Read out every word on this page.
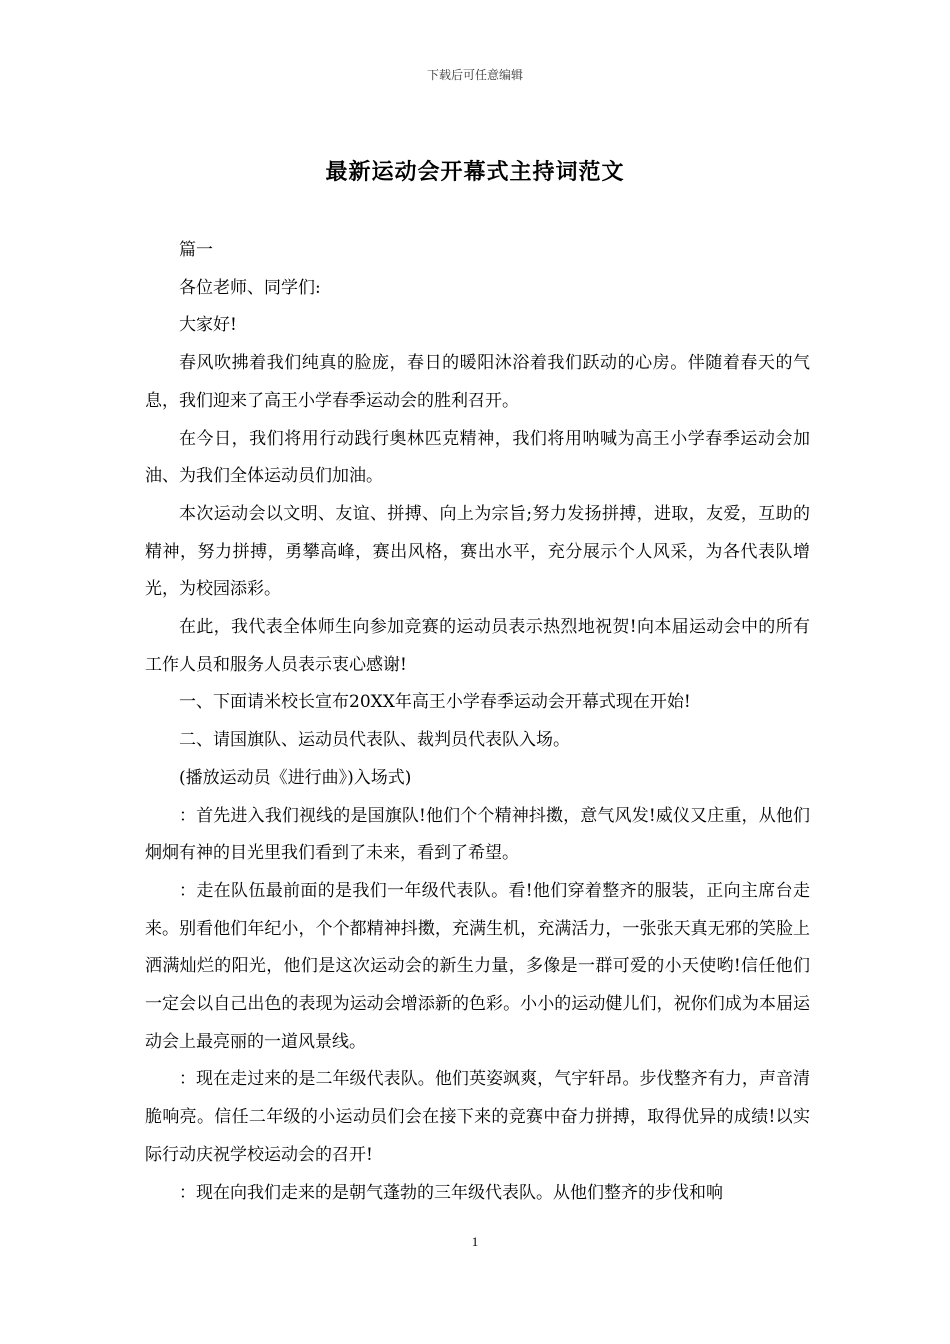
下载后可任意编辑
最新运动会开幕式主持词范文

篇一

各位老师、同学们:

大家好!

春风吹拂着我们纯真的脸庞，春日的暖阳沐浴着我们跃动的心房。伴随着春天的气息，我们迎来了高王小学春季运动会的胜利召开。

在今日，我们将用行动践行奥林匹克精神，我们将用呐喊为高王小学春季运动会加油、为我们全体运动员们加油。

本次运动会以文明、友谊、拼搏、向上为宗旨;努力发扬拼搏，进取，友爱，互助的精神，努力拼搏，勇攀高峰，赛出风格，赛出水平，充分展示个人风采，为各代表队增光，为校园添彩。

在此，我代表全体师生向参加竞赛的运动员表示热烈地祝贺!向本届运动会中的所有工作人员和服务人员表示衷心感谢!

一、下面请米校长宣布20XX年高王小学春季运动会开幕式现在开始!

二、请国旗队、运动员代表队、裁判员代表队入场。

(播放运动员《进行曲》)入场式)

：首先进入我们视线的是国旗队!他们个个精神抖擞，意气风发!威仪又庄重，从他们炯炯有神的目光里我们看到了未来，看到了希望。

：走在队伍最前面的是我们一年级代表队。看!他们穿着整齐的服装，正向主席台走来。别看他们年纪小，个个都精神抖擞，充满生机，充满活力，一张张天真无邪的笑脸上洒满灿烂的阳光，他们是这次运动会的新生力量，多像是一群可爱的小天使哟!信任他们一定会以自己出色的表现为运动会增添新的色彩。小小的运动健儿们，祝你们成为本届运动会上最亮丽的一道风景线。

：现在走过来的是二年级代表队。他们英姿飒爽，气宇轩昂。步伐整齐有力，声音清脆响亮。信任二年级的小运动员们会在接下来的竞赛中奋力拼搏，取得优异的成绩!以实际行动庆祝学校运动会的召开!

：现在向我们走来的是朝气蓬勃的三年级代表队。从他们整齐的步伐和响

1
